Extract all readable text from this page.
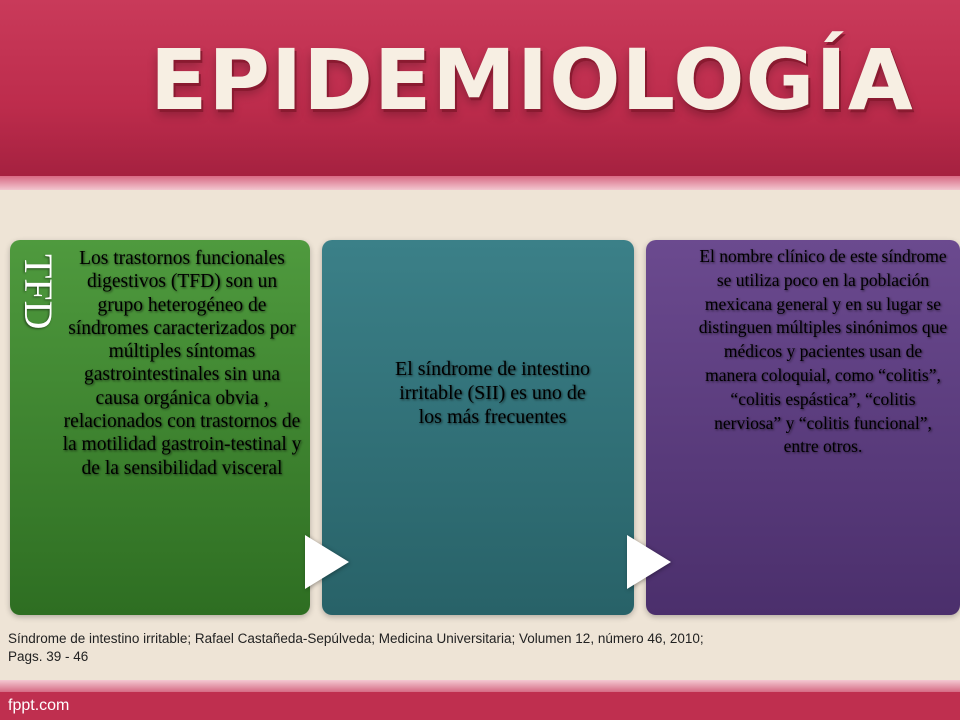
EPIDEMIOLOGÍA
TFD Los trastornos funcionales digestivos (TFD) son un grupo heterogéneo de síndromes caracterizados por múltiples síntomas gastrointestinales sin una causa orgánica obvia , relacionados con trastornos de la motilidad gastroin-testinal y de la sensibilidad visceral
El síndrome de intestino irritable (SII) es uno de los más frecuentes
El nombre clínico de este síndrome se utiliza poco en la población mexicana general y en su lugar se distinguen múltiples sinónimos que médicos y pacientes usan de manera coloquial, como “colitis”, “colitis espástica”, “colitis nerviosa” y “colitis funcional”, entre otros.
Síndrome de intestino irritable; Rafael Castañeda-Sepúlveda; Medicina Universitaria; Volumen 12, número 46, 2010; Pags. 39 - 46
fppt.com
